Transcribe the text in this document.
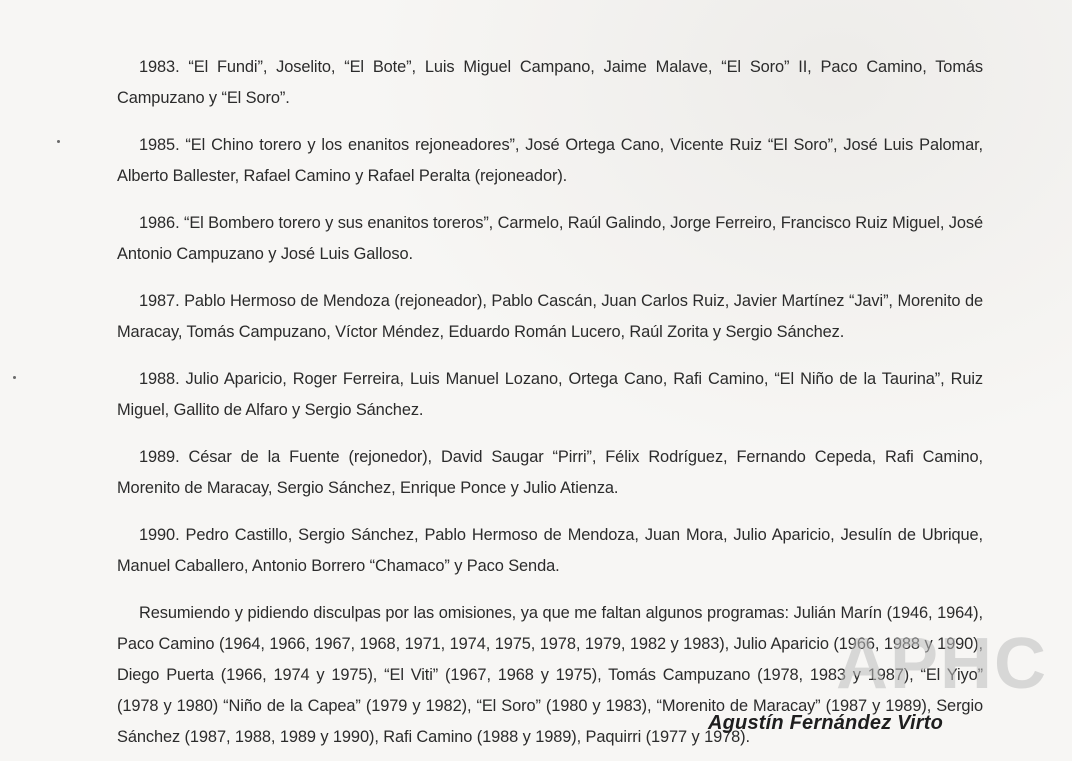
1983. “El Fundi”, Joselito, “El Bote”, Luis Miguel Campano, Jaime Malave, “El Soro” II, Paco Camino, Tomás Campuzano y “El Soro”.

1985. “El Chino torero y los enanitos rejoneadores”, José Ortega Cano, Vicente Ruiz “El Soro”, José Luis Palomar, Alberto Ballester, Rafael Camino y Rafael Peralta (rejoneador).

1986. “El Bombero torero y sus enanitos toreros”, Carmelo, Raúl Galindo, Jorge Ferreiro, Francisco Ruiz Miguel, José Antonio Campuzano y José Luis Galloso.

1987. Pablo Hermoso de Mendoza (rejoneador), Pablo Cascán, Juan Carlos Ruiz, Javier Martínez “Javi”, Morenito de Maracay, Tomás Campuzano, Víctor Méndez, Eduardo Román Lucero, Raúl Zorita y Sergio Sánchez.

1988. Julio Aparicio, Roger Ferreira, Luis Manuel Lozano, Ortega Cano, Rafi Camino, “El Niño de la Taurina”, Ruiz Miguel, Gallito de Alfaro y Sergio Sánchez.

1989. César de la Fuente (rejonedor), David Saugar “Pirri”, Félix Rodríguez, Fernando Cepeda, Rafi Camino, Morenito de Maracay, Sergio Sánchez, Enrique Ponce y Julio Atienza.

1990. Pedro Castillo, Sergio Sánchez, Pablo Hermoso de Mendoza, Juan Mora, Julio Aparicio, Jesulín de Ubrique, Manuel Caballero, Antonio Borrero “Chamaco” y Paco Senda.

Resumiendo y pidiendo disculpas por las omisiones, ya que me faltan algunos programas: Julián Marín (1946, 1964), Paco Camino (1964, 1966, 1967, 1968, 1971, 1974, 1975, 1978, 1979, 1982 y 1983), Julio Aparicio (1966, 1988 y 1990), Diego Puerta (1966, 1974 y 1975), “El Viti” (1967, 1968 y 1975), Tomás Campuzano (1978, 1983 y 1987), “El Yiyo” (1978 y 1980) “Niño de la Capea” (1979 y 1982), “El Soro” (1980 y 1983), “Morenito de Maracay” (1987 y 1989), Sergio Sánchez (1987, 1988, 1989 y 1990), Rafi Camino (1988 y 1989), Paquirri (1977 y 1978).

APHC
Agustín Fernández Virto
